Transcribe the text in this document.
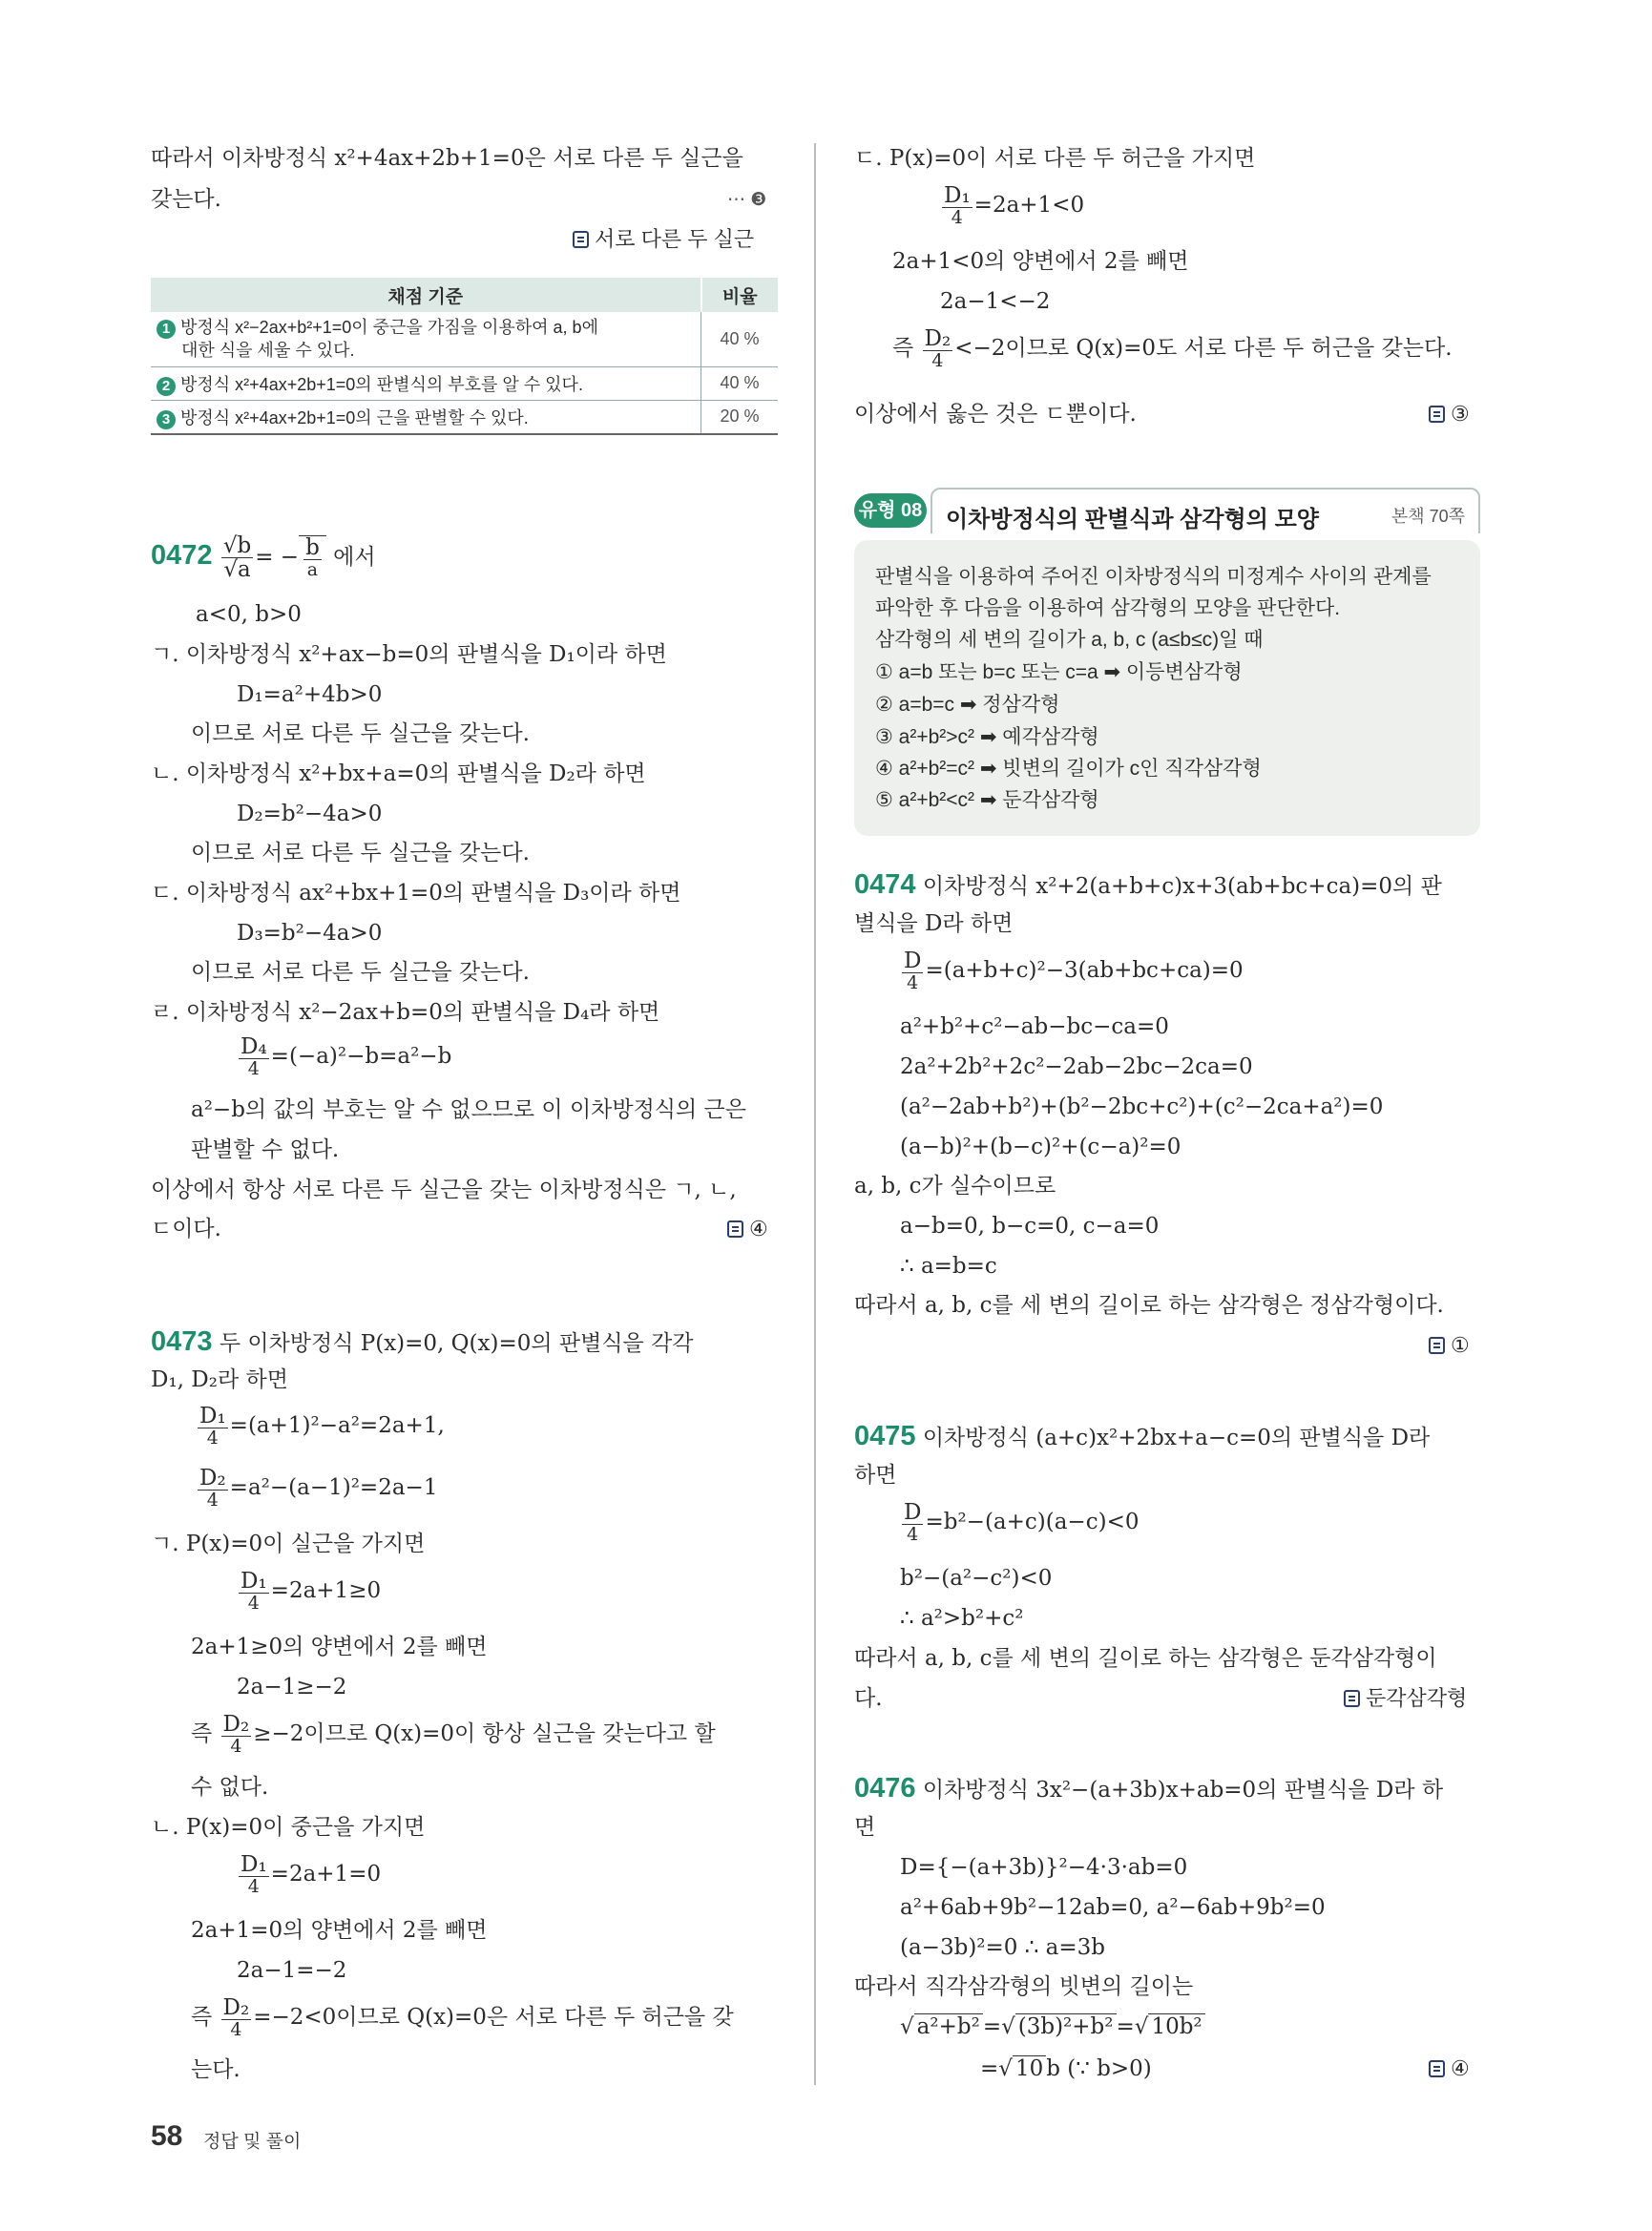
따라서 이차방정식 x²+4ax+2b+1=0은 서로 다른 두 실근을
갖는다.	⋯ ❸
서로 다른 두 실근
채점 기준	비율
1 방정식 x²−2ax+b²+1=0이 중근을 가짐을 이용하여 a, b에
대한 식을 세울 수 있다.	40 %
2 방정식 x²+4ax+2b+1=0의 판별식의 부호를 알 수 있다.	40 %
3 방정식 x²+4ax+2b+1=0의 근을 판별할 수 있다.	20 %
$0472 \frac{√b}{√a}$ = − $\frac{b}{a}$ 에서
a<0, b>0
ㄱ. 이차방정식 x²+ax−b=0의 판별식을 D₁이라 하면
D₁=a²+4b>0
이므로 서로 다른 두 실근을 갖는다.
ㄴ. 이차방정식 x²+bx+a=0의 판별식을 D₂라 하면
D₂=b²−4a>0
이므로 서로 다른 두 실근을 갖는다.
ㄷ. 이차방정식 ax²+bx+1=0의 판별식을 D₃이라 하면
D₃=b²−4a>0
이므로 서로 다른 두 실근을 갖는다.
ㄹ. 이차방정식 x²−2ax+b=0의 판별식을 D₄라 하면
$\frac{\text{D₄}}{4} =(-a)^2-b=a^2-b$
a²−b의 값의 부호는 알 수 없으므로 이 이차방정식의 근은
판별할 수 없다.
이상에서 항상 서로 다른 두 실근을 갖는 이차방정식은 ㄱ, ㄴ,
ㄷ이다.	④
0473 두 이차방정식 P(x)=0, Q(x)=0의 판별식을 각각
D₁, D₂라 하면
$\frac{\text{D₁}}{4} =(a+1)^2-a^2=2a+1$,
$\frac{\text{D₂}}{4} =a^2-(a-1)^2=2a-1$
ㄱ. P(x)=0이 실근을 가지면
$\frac{\text{D₁}}{4} =2a+1\ge 0$
2a+1≥0의 양변에서 2를 빼면
2a−1≥−2
즉 $\frac{\text{D₂}}{4} \ge-2$이므로 Q(x)=0이 항상 실근을 갖는다고 할
수 없다.
ㄴ. P(x)=0이 중근을 가지면
$\frac{\text{D₁}}{4} =2a+1=0$
2a+1=0의 양변에서 2를 빼면
2a−1=−2
즉 $\frac{\text{D₂}}{4} =-2<0$이므로 Q(x)=0은 서로 다른 두 허근을 갖
는다.
ㄷ. P(x)=0이 서로 다른 두 허근을 가지면
$\frac{\text{D₁}}{4} =2a+1<0$
2a+1<0의 양변에서 2를 빼면
2a−1<−2
즉 $\frac{\text{D₂}}{4} <-2$이므로 Q(x)=0도 서로 다른 두 허근을 갖는다.
이상에서 옳은 것은 ㄷ뿐이다.	③
유형 08 이차방정식의 판별식과 삼각형의 모양	본책 70쪽
판별식을 이용하여 주어진 이차방정식의 미정계수 사이의 관계를
파악한 후 다음을 이용하여 삼각형의 모양을 판단한다.
삼각형의 세 변의 길이가 a, b, c (a≤b≤c)일 때
① a=b 또는 b=c 또는 c=a ➡ 이등변삼각형
② a=b=c ➡ 정삼각형
③ a²+b²>c² ➡ 예각삼각형
④ a²+b²=c² ➡ 빗변의 길이가 c인 직각삼각형
⑤ a²+b²<c² ➡ 둔각삼각형
0474 이차방정식 x²+2(a+b+c)x+3(ab+bc+ca)=0의 판
별식을 D라 하면
$\frac{D}{4} =(a+b+c)^2-3(ab+bc+ca)=0$
a²+b²+c²−ab−bc−ca=0
2a²+2b²+2c²−2ab−2bc−2ca=0
(a²−2ab+b²)+(b²−2bc+c²)+(c²−2ca+a²)=0
(a−b)²+(b−c)²+(c−a)²=0
a, b, c가 실수이므로
a−b=0, b−c=0, c−a=0
∴ a=b=c
따라서 a, b, c를 세 변의 길이로 하는 삼각형은 정삼각형이다.
①
0475 이차방정식 (a+c)x²+2bx+a−c=0의 판별식을 D라
하면
$\frac{D}{4} =b^2-(a+c)(a-c)<0$
b²−(a²−c²)<0
∴ a²>b²+c²
따라서 a, b, c를 세 변의 길이로 하는 삼각형은 둔각삼각형이
다.	둔각삼각형
0476 이차방정식 3x²−(a+3b)x+ab=0의 판별식을 D라 하
면
D={−(a+3b)}²−4·3·ab=0
a²+6ab+9b²−12ab=0, a²−6ab+9b²=0
(a−3b)²=0 ∴ a=3b
따라서 직각삼각형의 빗변의 길이는
√ a²+b² =√ (3b)²+b² =√ 10b²
=√ 10 b (∵ b>0)	④
58 정답 및 풀이
